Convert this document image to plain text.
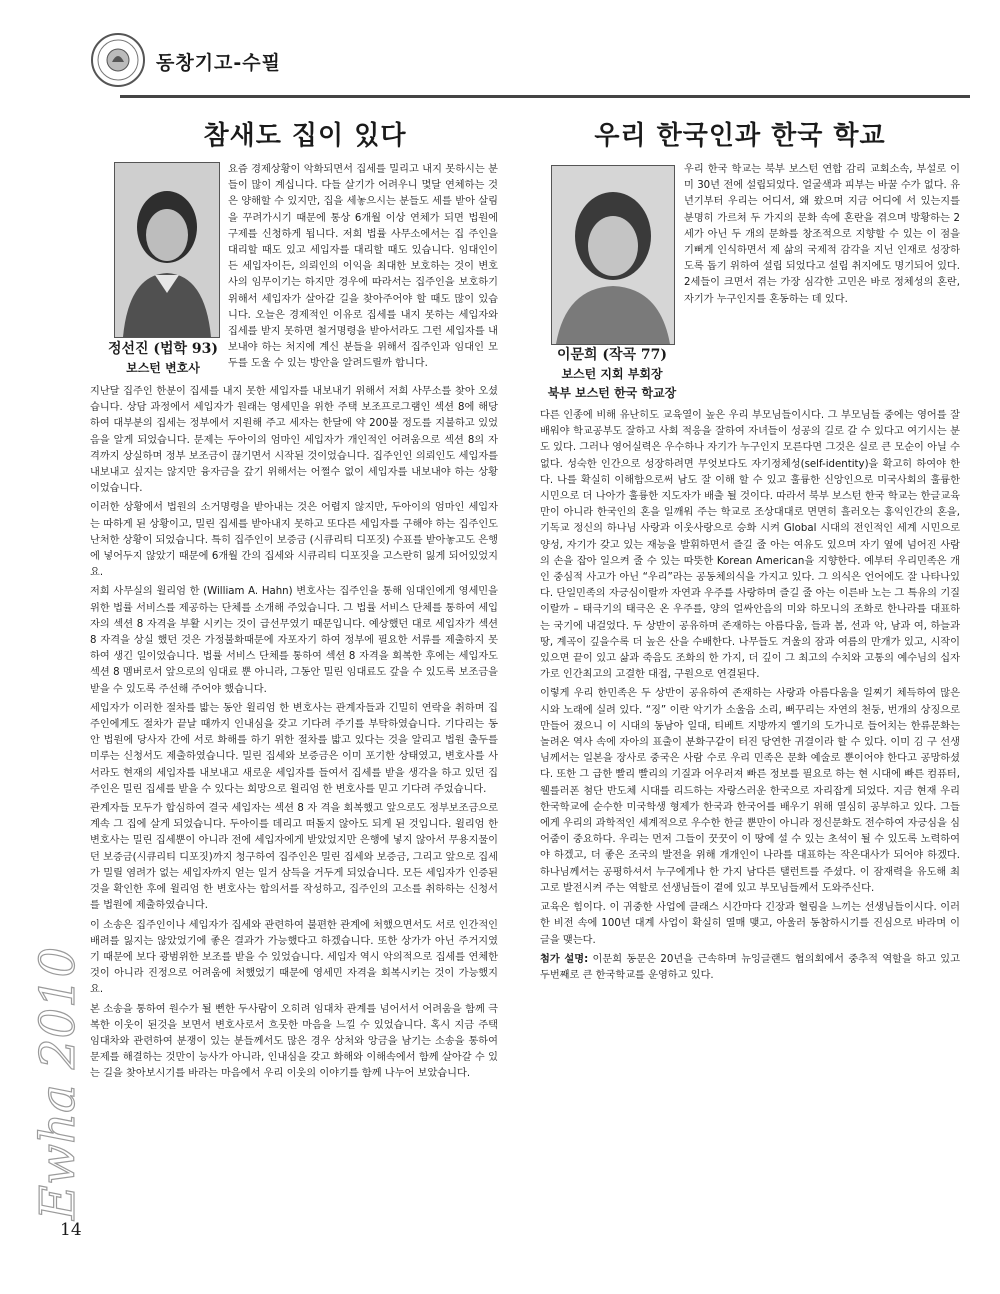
동창기고-수필
참새도 집이 있다
정선진 (법학 93)
보스턴 변호사
요즘 경제상황이 악화되면서 집세를 밀리고 내지 못하시는 분들이 많이 계십니다. 다들 살기가 어려우니 몇달 연체하는 것은 양해할 수 있지만, 집을 세놓으시는 분들도 세를 받아 살림을 꾸려가시기 때문에 통상 6개월 이상 연체가 되면 법원에 구제를 신청하게 됩니다. 저희 법률 사무소에서는 집 주인을 대리할 때도 있고 세입자를 대리할 때도 있습니다. 임대인이든 세입자이든, 의뢰인의 이익을 최대한 보호하는 것이 변호사의 임무이기는 하지만 경우에 따라서는 집주인을 보호하기 위해서 세입자가 살아갈 길을 찾아주어야 할 때도 많이 있습니다. 오늘은 경제적인 이유로 집세를 내지 못하는 세입자와 집세를 받지 못하면 철거명령을 받아서라도 그런 세입자를 내보내야 하는 처지에 계신 분들을 위해서 집주인과 임대인 모두를 도울 수 있는 방안을 알려드릴까 합니다.

지난달 집주인 한분이 집세를 내지 못한 세입자를 내보내기 위해서 저희 사무소를 찾아 오셨습니다. 상담 과정에서 세입자가 원래는 영세민을 위한 주택 보조프로그램인 섹션 8에 해당하여 대부분의 집세는 정부에서 지원해 주고 세자는 한달에 약 200불 정도를 지불하고 있었음을 알게 되었습니다. 문제는 두아이의 엄마인 세입자가 개인적인 어려움으로 섹션 8의 자격까지 상실하며 정부 보조금이 끊기면서 시작된 것이었습니다. 집주인인 의뢰인도 세입자를 내보내고 싶지는 않지만 융자금을 갚기 위해서는 어쩔수 없이 세입자를 내보내야 하는 상황이었습니다.

이러한 상황에서 법원의 소거명령을 받아내는 것은 어렵지 않지만, 두아이의 엄마인 세입자는 따하게 된 상황이고, 밀린 집세를 받아내지 못하고 또다른 세입자를 구해야 하는 집주인도 난처한 상황이 되었습니다. 특히 집주인이 보증금 (시큐리티 디포짓) 수표를 받아놓고도 은행에 넣어두지 않았기 때문에 6개월 간의 집세와 시큐리티 디포짓을 고스란히 잃게 되어있었지요.

저희 사무실의 윌리엄 한 (William A. Hahn) 변호사는 집주인을 통해 임대인에게 영세민을 위한 법률 서비스를 제공하는 단체를 소개해 주었습니다. 그 법률 서비스 단체를 통하여 세입자의 섹션 8 자격을 부활 시키는 것이 급선무였기 때문입니다. 예상했던 대로 세입자가 섹션 8 자격을 상실 했던 것은 가정불화때문에 자포자기 하여 정부에 필요한 서류를 제출하지 못하여 생긴 일이었습니다. 법률 서비스 단체를 통하여 섹션 8 자격을 회복한 후에는 세입자도 섹션 8 멤버로서 앞으로의 임대료 뿐 아니라, 그동안 밀린 임대료도 갚을 수 있도록 보조금을 받을 수 있도록 주선해 주어야 했습니다.

세입자가 이러한 절차를 밟는 동안 윌리엄 한 변호사는 관계자들과 긴밀히 연락을 취하며 집주인에게도 절차가 끝날 때까지 인내심을 갖고 기다려 주기를 부탁하였습니다. 기다리는 동안 법원에 당사자 간에 서로 화해를 하기 위한 절차를 밟고 있다는 것을 알리고 법원 출두를 미루는 신청서도 제출하였습니다. 밀린 집세와 보증금은 이미 포기한 상태였고, 변호사를 사서라도 현재의 세입자를 내보내고 새로운 세입자를 들여서 집세를 받을 생각을 하고 있던 집주인은 밀린 집세를 받을 수 있다는 희망으로 윌리엄 한 변호사를 믿고 기다려 주었습니다.

관계자들 모두가 합심하여 결국 세입자는 섹션 8 자 격을 회복했고 앞으로도 정부보조금으로 계속 그 집에 살게 되었습니다. 두아이를 데리고 떠돌지 않아도 되게 된 것입니다. 윌리엄 한 변호사는 밀린 집세뿐이 아니라 전에 세입자에게 받았었지만 은행에 넣지 않아서 무용지물이던 보증금(시큐리티 디포짓)까지 청구하여 집주인은 밀린 집세와 보증금, 그리고 앞으로 집세가 밀릴 염려가 없는 세입자까지 얻는 일거 삼득을 거두게 되었습니다. 모든 세입자가 인증된 것을 확인한 후에 윌리엄 한 변호사는 합의서를 작성하고, 집주인의 고소를 취하하는 신청서를 법원에 제출하였습니다.

이 소송은 집주인이나 세입자가 집세와 관련하여 불편한 관계에 처했으면서도 서로 인간적인 배려를 잃지는 않았었기에 좋은 결과가 가능했다고 하겠습니다. 또한 상가가 아닌 주거지였기 때문에 보다 광범위한 보조를 받을 수 있었습니다. 세입자 역시 악의적으로 집세를 연체한 것이 아니라 진정으로 어려움에 처했었기 때문에 영세민 자격을 회복시키는 것이 가능했지요.

본 소송을 통하여 원수가 될 뻔한 두사람이 오히려 임대차 관계를 넘어서서 어려움을 함께 극복한 이웃이 된것을 보면서 변호사로서 흐뭇한 마음을 느낄 수 있었습니다. 혹시 지금 주택 임대차와 관련하여 분쟁이 있는 분들께서도 많은 경우 상처와 앙금을 남기는 소송을 통하여 문제를 해결하는 것만이 능사가 아니라, 인내심을 갖고 화해와 이해속에서 함께 살아갈 수 있는 길을 찾아보시기를 바라는 마음에서 우리 이웃의 이야기를 함께 나누어 보았습니다.

우리 한국인과 한국 학교
이문희 (작곡 77)
보스턴 지회 부회장
북부 보스턴 한국 학교장
우리 한국 학교는 북부 보스턴 연합 감리 교회소속, 부설로 이미 30년 전에 설립되었다. 얼굴색과 피부는 바꿀 수가 없다. 유년기부터 우리는 어디서, 왜 왔으며 지금 어디에 서 있는지를 분명히 가르쳐 두 가지의 문화 속에 혼란을 겪으며 방황하는 2세가 아닌 두 개의 문화를 창조적으로 지향할 수 있는 이 점을 기뻐게 인식하면서 제 삶의 국제적 감각을 지닌 인재로 성장하도록 돕기 위하여 설립 되었다고 설립 취지에도 명기되어 있다. 2세들이 크면서 겪는 가장 심각한 고민은 바로 정체성의 혼란, 자기가 누구인지를 혼동하는 데 있다.

다른 인종에 비해 유난히도 교육열이 높은 우리 부모님들이시다. 그 부모님들 중에는 영어를 잘 배워야 학교공부도 잘하고 사회 적응을 잘하여 자녀들이 성공의 길로 갈 수 있다고 여기시는 분도 있다. 그러나 영어실력은 우수하나 자기가 누구인지 모른다면 그것은 실로 큰 모순이 아닐 수 없다. 성숙한 인간으로 성장하려면 무엇보다도 자기정체성(self-identity)을 확고히 하여야 한다. 나를 확실히 이해함으로써 남도 잘 이해 할 수 있고 훌륭한 신앙인으로 미국사회의 훌륭한 시민으로 더 나아가 훌륭한 지도자가 배출 될 것이다. 따라서 북부 보스턴 한국 학교는 한글교육만이 아니라 한국인의 혼을 일깨워 주는 학교로 조상대대로 면면히 흘러오는 홍익인간의 혼을, 기독교 정신의 하나님 사랑과 이웃사랑으로 승화 시켜 Global 시대의 전인적인 세계 시민으로 양성, 자기가 갖고 있는 재능을 발휘하면서 즐길 줄 아는 여유도 있으며 자기 옆에 넘어진 사람의 손을 잡아 일으켜 줄 수 있는 따뜻한 Korean American을 지향한다. 예부터 우리민족은 개인 중심적 사고가 아닌 “우리”라는 공동체의식을 가지고 있다. 그 의식은 언어에도 잘 나타나있다. 단일민족의 자긍심이랄까 자연과 우주를 사랑하며 즐길 줄 아는 이른바 노는 그 특유의 기질이랄까 – 태극기의 태극은 온 우주를, 양의 얼싸안음의 미와 하모니의 조화로 한나라를 대표하는 국기에 내걸었다. 두 상반이 공유하며 존재하는 아름다움, 들과 봄, 선과 악, 남과 여, 하늘과 땅, 계곡이 깊을수록 더 높은 산을 수배한다. 나무들도 겨울의 잠과 여름의 만개가 있고, 시작이 있으면 끝이 있고 삶과 죽음도 조화의 한 가지, 더 깊이 그 최고의 수치와 고통의 예수님의 십자가로 인간최고의 고결한 대접, 구원으로 연결된다.

이렇게 우리 한민족은 두 상반이 공유하여 존재하는 사랑과 아름다움을 일찌기 체득하여 많은 시와 노래에 실려 있다. “징” 이란 악기가 소울음 소리, 뻐꾸리는 자연의 천둥, 번개의 상징으로 만들어 졌으니 이 시대의 동남아 일대, 티베트 지방까지 옐기의 도가니로 들어치는 한류문화는 놀려온 역사 속에 자아의 표출이 분화구같이 터진 당연한 귀결이라 할 수 있다. 이미 김 구 선생님께서는 일본을 장사로 중국은 사람 수로 우리 민족은 문화 예술로 뿐이어야 한다고 공망하셨다. 또한 그 급한 빨리 빨리의 기질과 어우러져 빠른 정보를 필요로 하는 현 시대에 빠른 컴퓨터, 웰를러폰 첨단 반도체 시대를 리드하는 자랑스러운 한국으로 자리잡게 되었다. 지금 현재 우리한국학교에 순수한 미국학생 형제가 한국과 한국어를 배우기 위해 열심히 공부하고 있다. 그들에게 우리의 과학적인 세계적으로 우수한 한글 뿐만이 아니라 정신문화도 전수하여 자긍심을 심어줌이 중요하다. 우리는 먼저 그들이 꿋꿋이 이 땅에 설 수 있는 초석이 될 수 있도록 노력하여야 하겠고, 더 좋은 조국의 발전을 위해 개개인이 나라를 대표하는 작은대사가 되어야 하겠다. 하나님께서는 공평하셔서 누구에게나 한 가지 남다른 탤런트를 주셨다. 이 잠재력을 유도해 최고로 발전시켜 주는 역할로 선생님들이 곁에 있고 부모님들께서 도와주신다.

교육은 힘이다. 이 귀중한 사업에 클래스 시간마다 긴장과 혈림을 느끼는 선생님들이시다. 이러한 비전 속에 100년 대계 사업이 확실히 열매 맺고, 아울러 동참하시기를 진심으로 바라며 이 글을 맺는다.

첨가 설명: 이문희 동문은 20년을 근속하며 뉴잉글랜드 협의회에서 중추적 역할을 하고 있고 두번째로 큰 한국학교를 운영하고 있다.

Ewha 2010
14
